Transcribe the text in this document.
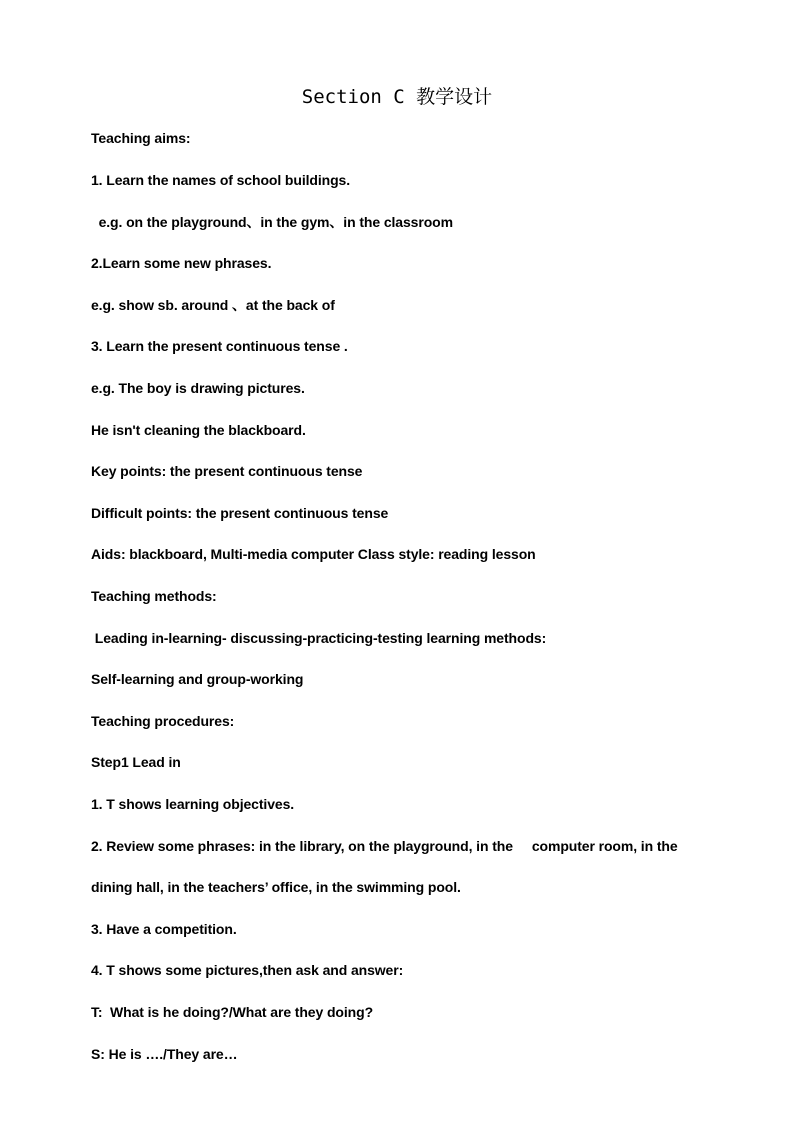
Section C 教学设计

Teaching aims:

1. Learn the names of school buildings.

e.g. on the playground、in the gym、in the classroom

2.Learn some new phrases.

e.g. show sb. around 、at the back of

3. Learn the present continuous tense .

e.g. The boy is drawing pictures.

He isn't cleaning the blackboard.

Key points: the present continuous tense

Difficult points: the present continuous tense

Aids: blackboard, Multi-media computer Class style: reading lesson

Teaching methods:

Leading in-learning- discussing-practicing-testing learning methods:

Self-learning and group-working

Teaching procedures:

Step1 Lead in

1. T shows learning objectives.

2. Review some phrases: in the library, on the playground, in the     computer room, in the

dining hall, in the teachers’ office, in the swimming pool.

3. Have a competition.

4. T shows some pictures,then ask and answer:

T:  What is he doing?/What are they doing?

S: He is …./They are…
